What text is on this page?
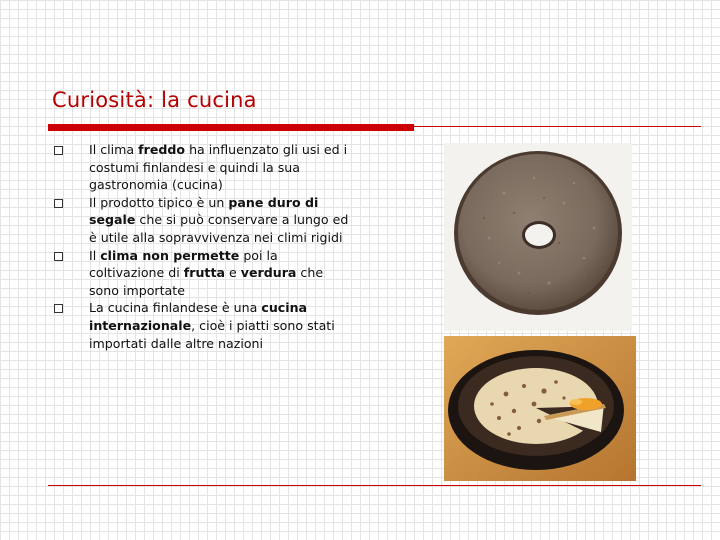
Curiosità: la cucina
Il clima freddo ha influenzato gli usi ed i costumi finlandesi e quindi la sua gastronomia (cucina)
Il prodotto tipico è un pane duro di segale che si può conservare a lungo ed è utile alla sopravvivenza nei climi rigidi
Il clima non permette poi la coltivazione di frutta e verdura che sono importate
La cucina finlandese è una cucina internazionale, cioè i piatti sono stati importati dalle altre nazioni
